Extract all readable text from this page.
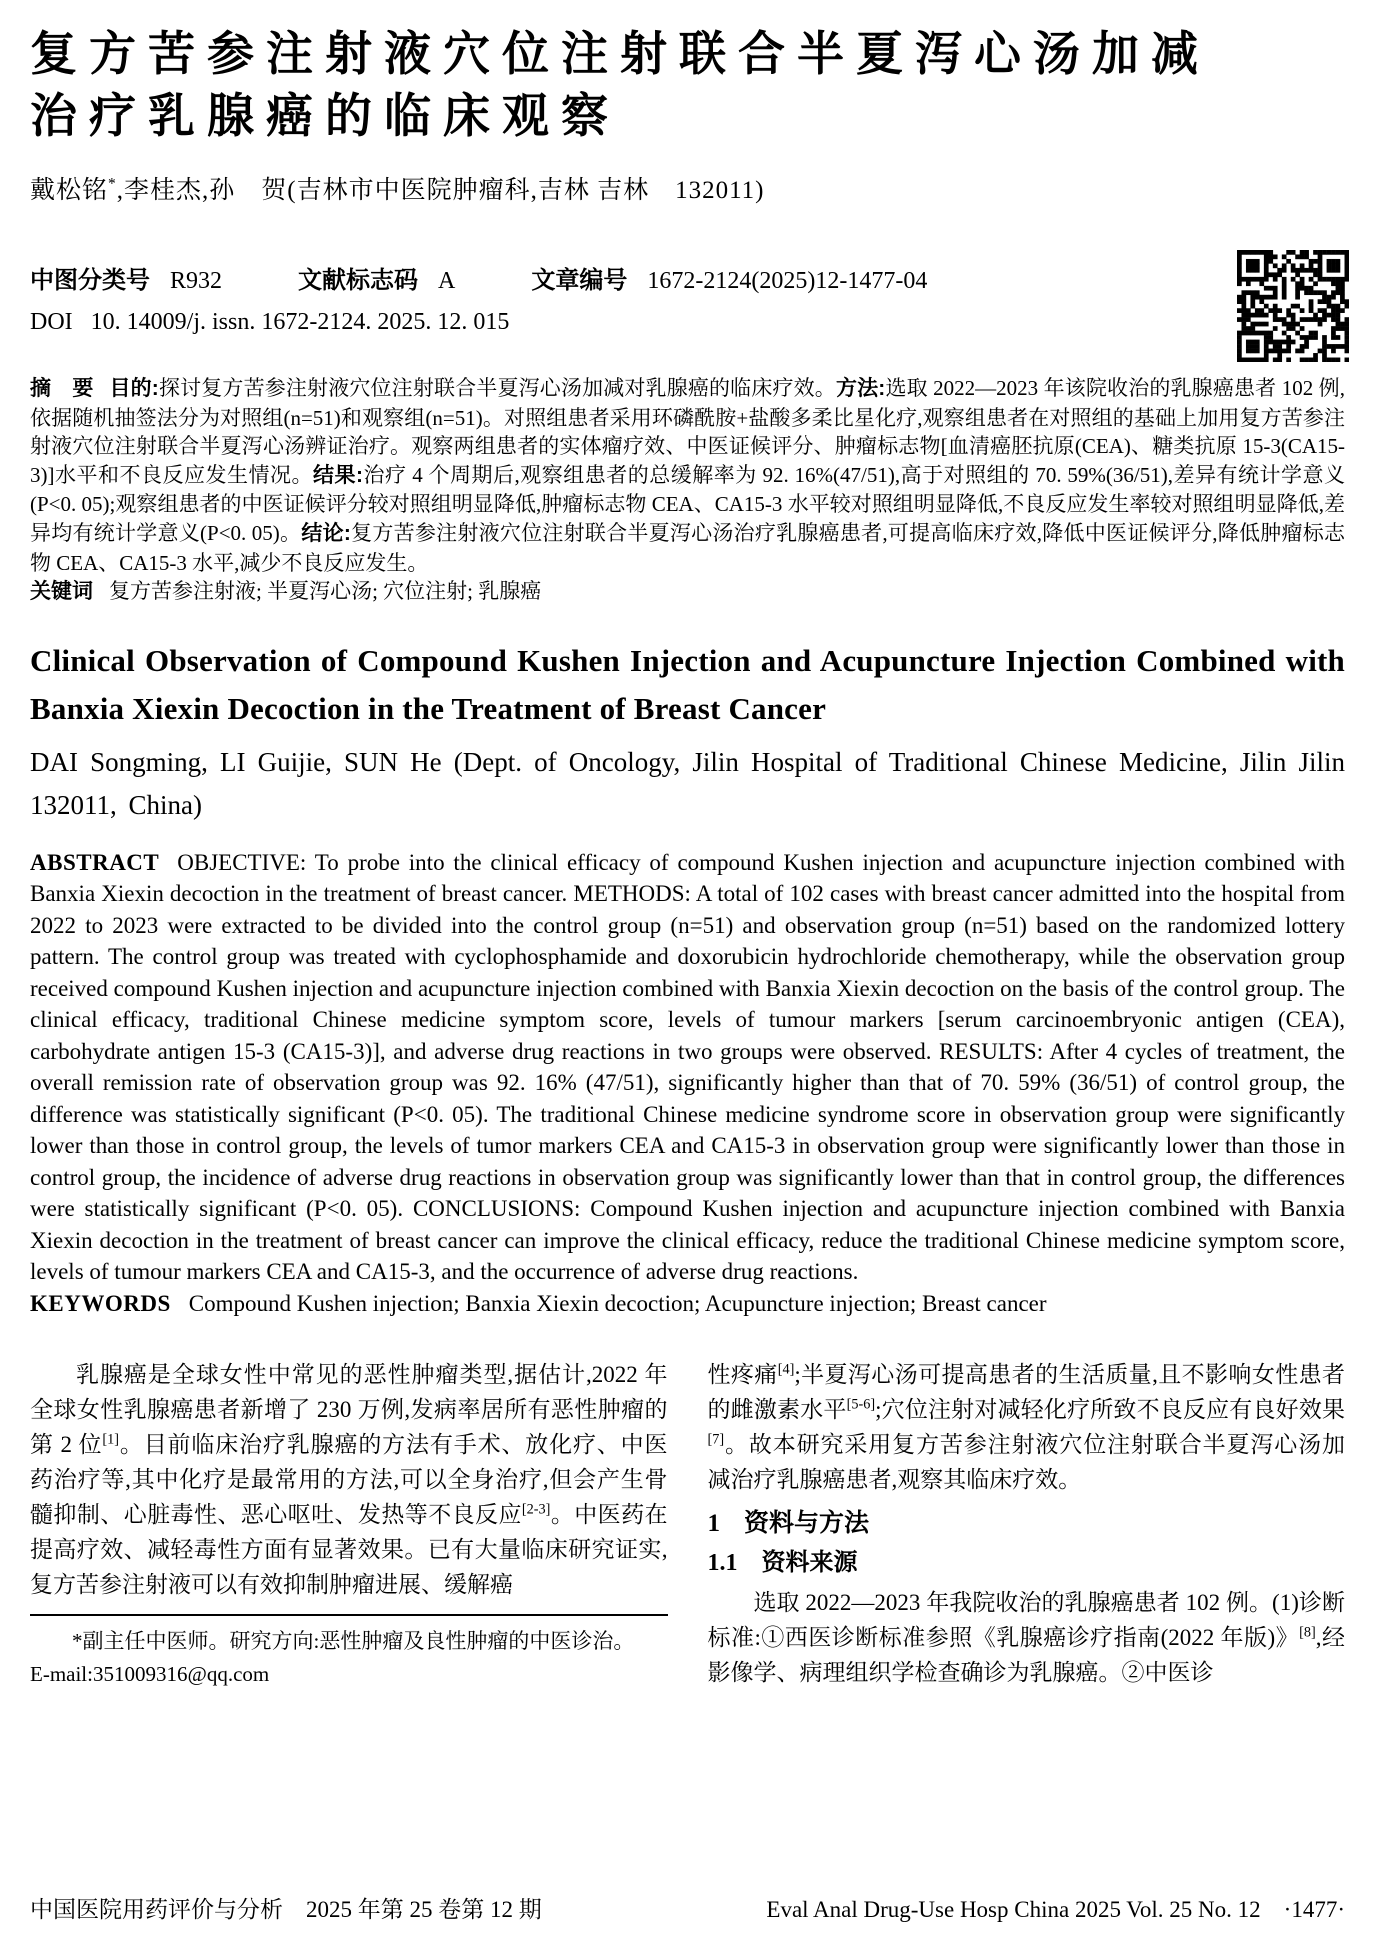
复方苦参注射液穴位注射联合半夏泻心汤加减
治疗乳腺癌的临床观察
戴松铭*,李桂杰,孙　贺(吉林市中医院肿瘤科,吉林 吉林　132011)
中图分类号 R932	文献标志码 A	文章编号 1672-2124(2025)12-1477-04
DOI 10. 14009/j. issn. 1672-2124. 2025. 12. 015

摘　要 目的:探讨复方苦参注射液穴位注射联合半夏泻心汤加减对乳腺癌的临床疗效。方法:选取 2022—2023 年该院收治的乳腺癌患者 102 例,依据随机抽签法分为对照组(n=51)和观察组(n=51)。对照组患者采用环磷酰胺+盐酸多柔比星化疗,观察组患者在对照组的基础上加用复方苦参注射液穴位注射联合半夏泻心汤辨证治疗。观察两组患者的实体瘤疗效、中医证候评分、肿瘤标志物[血清癌胚抗原(CEA)、糖类抗原 15-3(CA15-3)]水平和不良反应发生情况。结果:治疗 4 个周期后,观察组患者的总缓解率为 92. 16%(47/51),高于对照组的 70. 59%(36/51),差异有统计学意义(P<0. 05);观察组患者的中医证候评分较对照组明显降低,肿瘤标志物 CEA、CA15-3 水平较对照组明显降低,不良反应发生率较对照组明显降低,差异均有统计学意义(P<0. 05)。结论:复方苦参注射液穴位注射联合半夏泻心汤治疗乳腺癌患者,可提高临床疗效,降低中医证候评分,降低肿瘤标志物 CEA、CA15-3 水平,减少不良反应发生。

关键词 复方苦参注射液; 半夏泻心汤; 穴位注射; 乳腺癌

Clinical Observation of Compound Kushen Injection and Acupuncture Injection Combined with Banxia Xiexin Decoction in the Treatment of Breast Cancer

DAI Songming, LI Guijie, SUN He (Dept. of Oncology, Jilin Hospital of Traditional Chinese Medicine, Jilin Jilin 132011, China)

ABSTRACT OBJECTIVE: To probe into the clinical efficacy of compound Kushen injection and acupuncture injection combined with Banxia Xiexin decoction in the treatment of breast cancer. METHODS: A total of 102 cases with breast cancer admitted into the hospital from 2022 to 2023 were extracted to be divided into the control group (n=51) and observation group (n=51) based on the randomized lottery pattern. The control group was treated with cyclophosphamide and doxorubicin hydrochloride chemotherapy, while the observation group received compound Kushen injection and acupuncture injection combined with Banxia Xiexin decoction on the basis of the control group. The clinical efficacy, traditional Chinese medicine symptom score, levels of tumour markers [serum carcinoembryonic antigen (CEA), carbohydrate antigen 15-3 (CA15-3)], and adverse drug reactions in two groups were observed. RESULTS: After 4 cycles of treatment, the overall remission rate of observation group was 92. 16% (47/51), significantly higher than that of 70. 59% (36/51) of control group, the difference was statistically significant (P<0. 05). The traditional Chinese medicine syndrome score in observation group were significantly lower than those in control group, the levels of tumor markers CEA and CA15-3 in observation group were significantly lower than those in control group, the incidence of adverse drug reactions in observation group was significantly lower than that in control group, the differences were statistically significant (P<0. 05). CONCLUSIONS: Compound Kushen injection and acupuncture injection combined with Banxia Xiexin decoction in the treatment of breast cancer can improve the clinical efficacy, reduce the traditional Chinese medicine symptom score, levels of tumour markers CEA and CA15-3, and the occurrence of adverse drug reactions.

KEYWORDS Compound Kushen injection; Banxia Xiexin decoction; Acupuncture injection; Breast cancer

乳腺癌是全球女性中常见的恶性肿瘤类型,据估计,2022 年全球女性乳腺癌患者新增了 230 万例,发病率居所有恶性肿瘤的第 2 位[1]。目前临床治疗乳腺癌的方法有手术、放化疗、中医药治疗等,其中化疗是最常用的方法,可以全身治疗,但会产生骨髓抑制、心脏毒性、恶心呕吐、发热等不良反应[2-3]。中医药在提高疗效、减轻毒性方面有显著效果。已有大量临床研究证实,复方苦参注射液可以有效抑制肿瘤进展、缓解癌

*副主任中医师。研究方向:恶性肿瘤及良性肿瘤的中医诊治。

E-mail:351009316@qq.com

性疼痛[4];半夏泻心汤可提高患者的生活质量,且不影响女性患者的雌激素水平[5-6];穴位注射对减轻化疗所致不良反应有良好效果[7]。故本研究采用复方苦参注射液穴位注射联合半夏泻心汤加减治疗乳腺癌患者,观察其临床疗效。

1 资料与方法
1.1 资料来源

选取 2022—2023 年我院收治的乳腺癌患者 102 例。(1)诊断标准:①西医诊断标准参照《乳腺癌诊疗指南(2022 年版)》[8],经影像学、病理组织学检查确诊为乳腺癌。②中医诊

中国医院用药评价与分析　2025 年第 25 卷第 12 期	Eval Anal Drug-Use Hosp China 2025 Vol. 25 No. 12　·1477·
